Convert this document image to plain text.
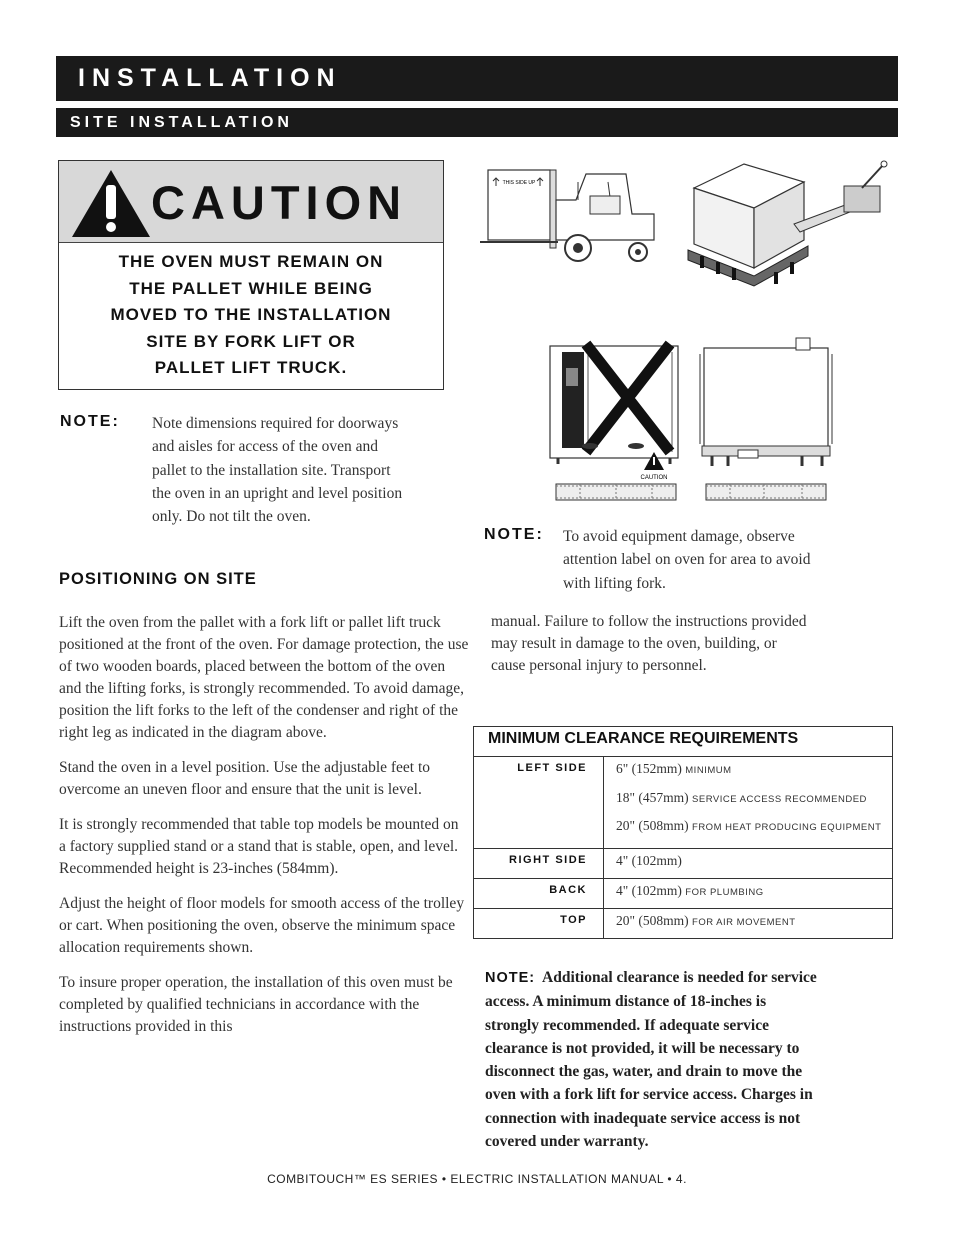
INSTALLATION
SITE INSTALLATION
CAUTION
THE OVEN MUST REMAIN ON
THE PALLET WHILE BEING
MOVED TO THE INSTALLATION
SITE BY FORK LIFT OR
PALLET LIFT TRUCK.
NOTE: Note dimensions required for doorways
and aisles for access of the oven and
pallet to the installation site. Transport
the oven in an upright and level position
only. Do not tilt the oven.
THIS SIDE UP
CAUTION
NOTE: To avoid equipment damage, observe
attention label on oven for area to avoid
with lifting fork.
POSITIONING ON SITE

Lift the oven from the pallet with a fork lift or pallet lift truck positioned at the front of the oven. For damage protection, the use of two wooden boards, placed between the bottom of the oven and the lifting forks, is strongly recommended. To avoid damage, position the lift forks to the left of the condenser and right of the right leg as indicated in the diagram above.

Stand the oven in a level position. Use the adjustable feet to overcome an uneven floor and ensure that the unit is level.

It is strongly recommended that table top models be mounted on a factory supplied stand or a stand that is stable, open, and level. Recommended height is 23-inches (584mm).

Adjust the height of floor models for smooth access of the trolley or cart. When positioning the oven, observe the minimum space allocation requirements shown.

To insure proper operation, the installation of this oven must be completed by qualified technicians in accordance with the instructions provided in this

manual. Failure to follow the instructions provided
may result in damage to the oven, building, or
cause personal injury to personnel.
MINIMUM CLEARANCE REQUIREMENTS	
LEFT SIDE	6" (152mm) MINIMUM
18" (457mm) SERVICE ACCESS RECOMMENDED
20" (508mm) FROM HEAT PRODUCING EQUIPMENT

RIGHT SIDE	4" (102mm)
BACK	4" (102mm) FOR PLUMBING
TOP	20" (508mm) FOR AIR MOVEMENT
NOTE: Additional clearance is needed for service
access. A minimum distance of 18-inches is
strongly recommended. If adequate service
clearance is not provided, it will be necessary to
disconnect the gas, water, and drain to move the
oven with a fork lift for service access. Charges in
connection with inadequate service access is not
covered under warranty.
COMBITOUCH™ ES SERIES • ELECTRIC INSTALLATION MANUAL • 4.
